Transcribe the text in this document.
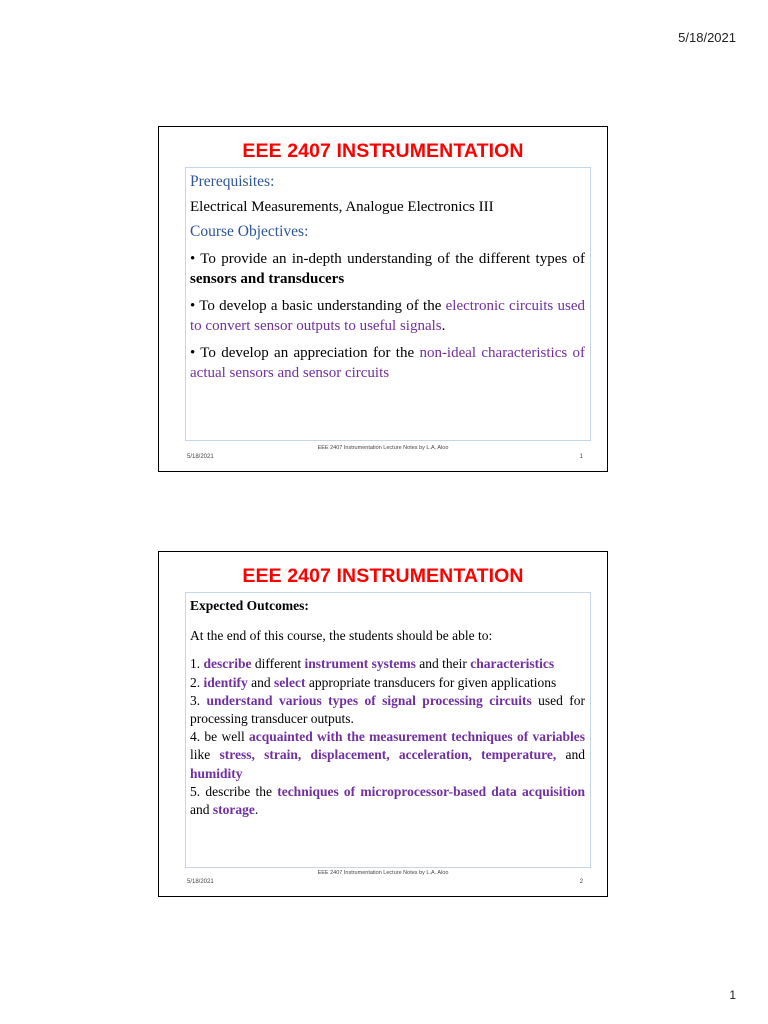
5/18/2021
EEE 2407 INSTRUMENTATION

Prerequisites:

Electrical Measurements, Analogue Electronics III

Course Objectives:

• To provide an in-depth understanding of the different types of sensors and transducers

• To develop a basic understanding of the electronic circuits used to convert sensor outputs to useful signals.

• To develop an appreciation for the non-ideal characteristics of actual sensors and sensor circuits

EEE 2407 Instrumentation Lecture Notes by L.A. Aloo
5/18/2021	1
EEE 2407 INSTRUMENTATION

Expected Outcomes:

At the end of this course, the students should be able to:

1. describe different instrument systems and their characteristics

2. identify and select appropriate transducers for given applications

3. understand various types of signal processing circuits used for processing transducer outputs.

4. be well acquainted with the measurement techniques of variables like stress, strain, displacement, acceleration, temperature, and humidity

5. describe the techniques of microprocessor-based data acquisition and storage.

EEE 2407 Instrumentation Lecture Notes by L.A. Aloo
5/18/2021	2
1
